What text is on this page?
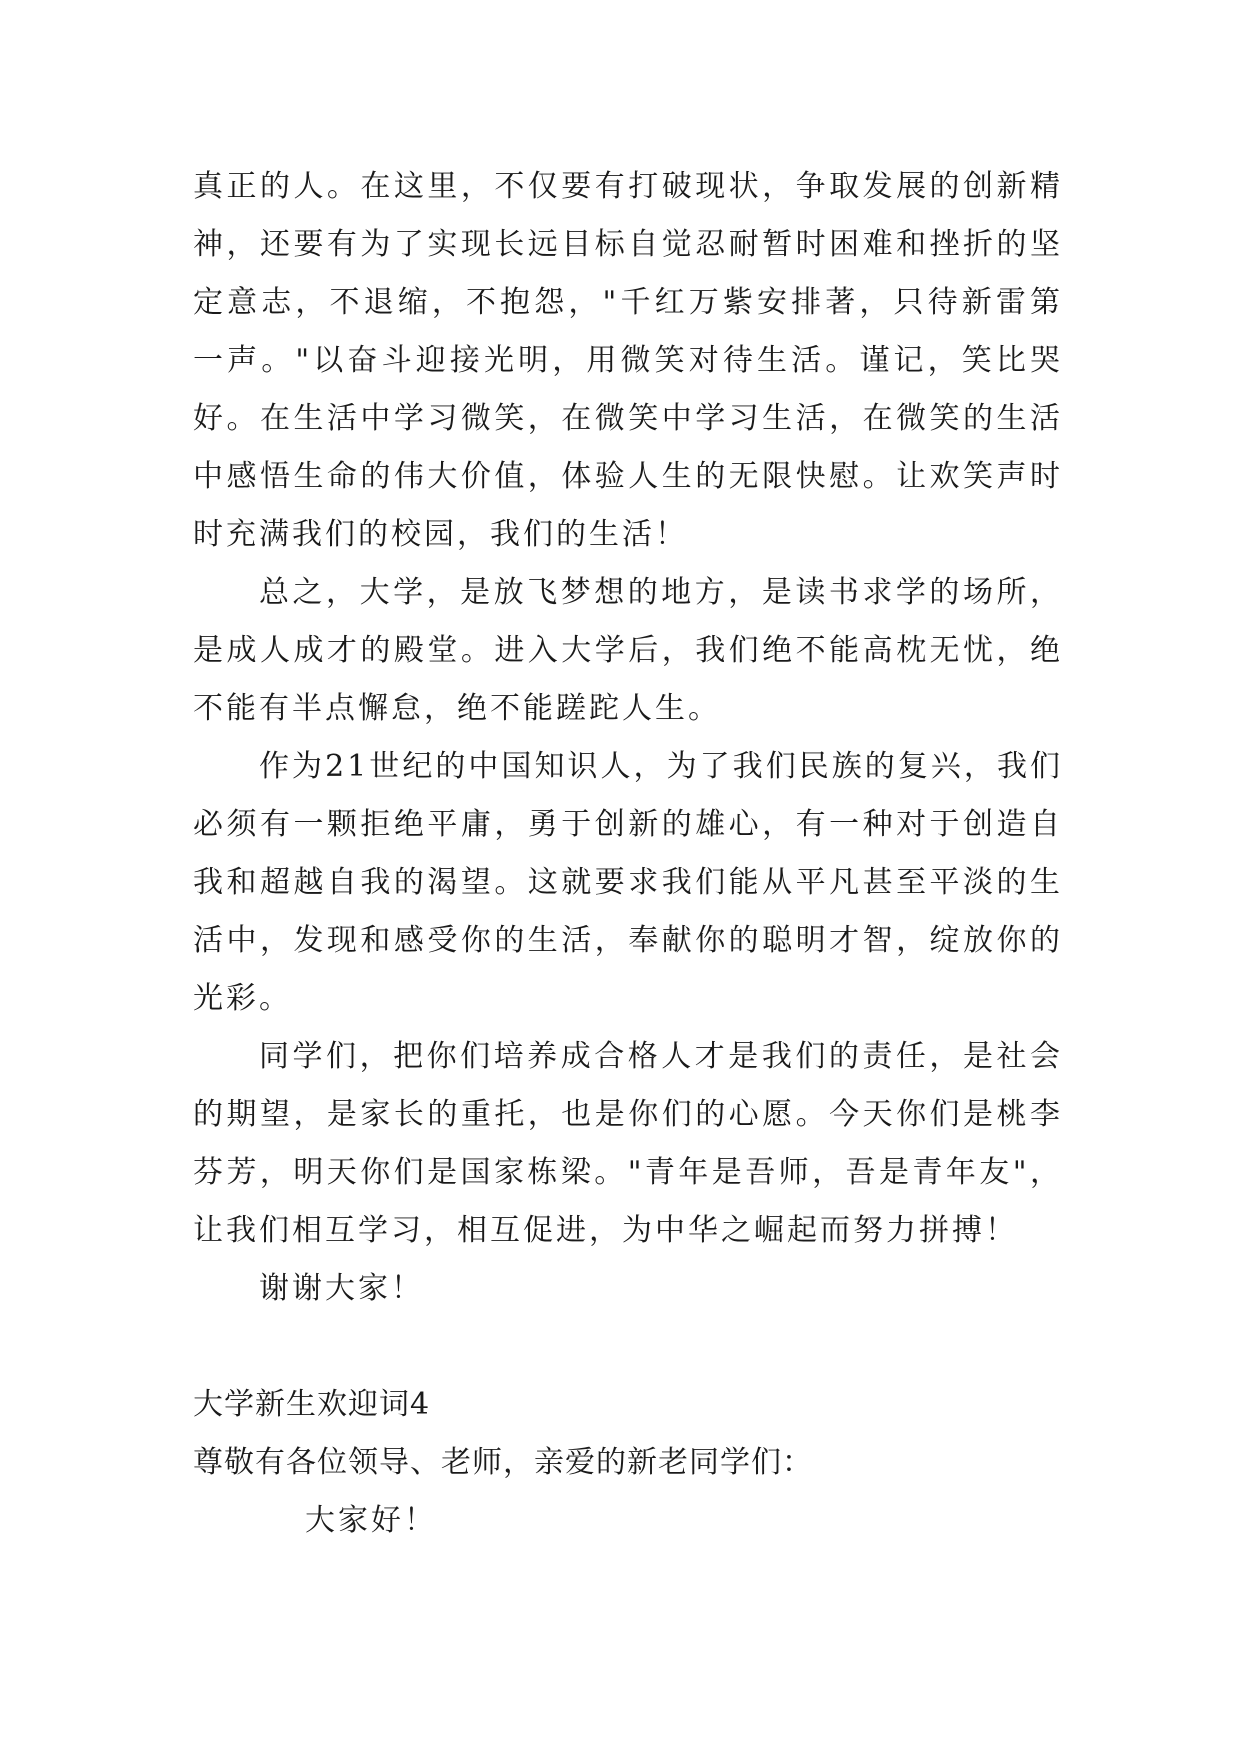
真正的人。在这里，不仅要有打破现状，争取发展的创新精神，还要有为了实现长远目标自觉忍耐暂时困难和挫折的坚定意志，不退缩，不抱怨，"千红万紫安排著，只待新雷第一声。"以奋斗迎接光明，用微笑对待生活。谨记，笑比哭好。在生活中学习微笑，在微笑中学习生活，在微笑的生活中感悟生命的伟大价值，体验人生的无限快慰。让欢笑声时时充满我们的校园，我们的生活！

总之，大学，是放飞梦想的地方，是读书求学的场所，是成人成才的殿堂。进入大学后，我们绝不能高枕无忧，绝不能有半点懈怠，绝不能蹉跎人生。

作为21世纪的中国知识人，为了我们民族的复兴，我们必须有一颗拒绝平庸，勇于创新的雄心，有一种对于创造自我和超越自我的渴望。这就要求我们能从平凡甚至平淡的生活中，发现和感受你的生活，奉献你的聪明才智，绽放你的光彩。

同学们，把你们培养成合格人才是我们的责任，是社会的期望，是家长的重托，也是你们的心愿。今天你们是桃李芬芳，明天你们是国家栋梁。"青年是吾师，吾是青年友"，让我们相互学习，相互促进，为中华之崛起而努力拼搏！

谢谢大家！

大学新生欢迎词4

尊敬有各位领导、老师，亲爱的新老同学们：

大家好！
